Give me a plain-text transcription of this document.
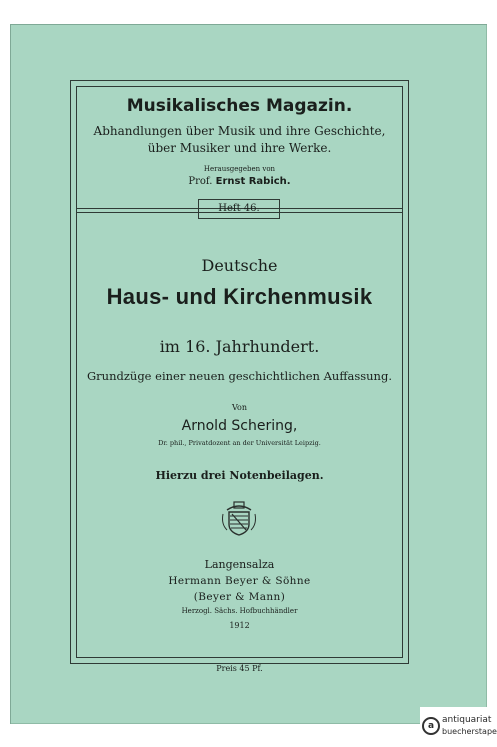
Musikalisches Magazin.
Abhandlungen über Musik und ihre Geschichte,
über Musiker und ihre Werke.
Herausgegeben von
Prof. Ernst Rabich.
Heft 46.
Deutsche
Haus- und Kirchenmusik
im 16. Jahrhundert.
Grundzüge einer neuen geschichtlichen Auffassung.
Von
Arnold Schering,
Dr. phil., Privatdozent an der Universität Leipzig.
Hierzu drei Notenbeilagen.
Langensalza
Hermann Beyer & Söhne
(Beyer & Mann)
Herzogl. Sächs. Hofbuchhändler
1912
Preis 45 Pf.
a
antiquariat
buecherstape
